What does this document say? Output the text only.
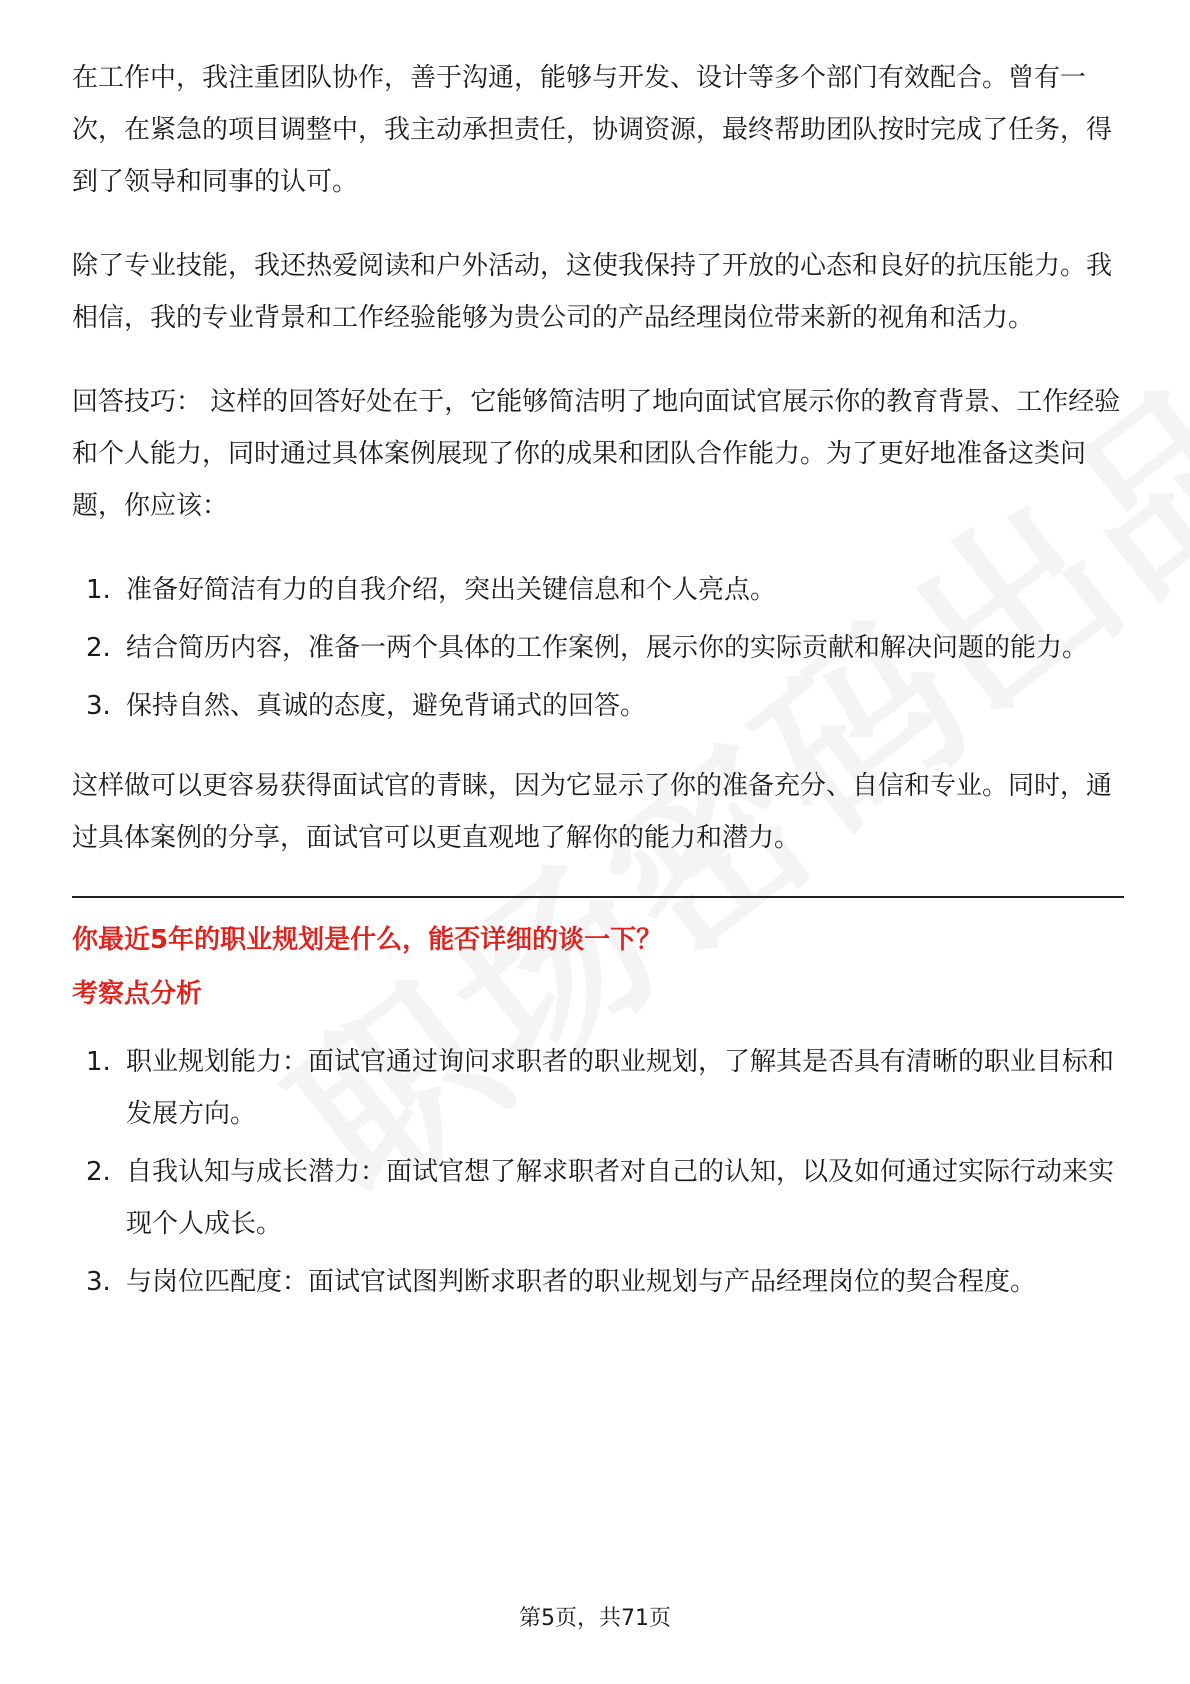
在工作中，我注重团队协作，善于沟通，能够与开发、设计等多个部门有效配合。曾有一次，在紧急的项目调整中，我主动承担责任，协调资源，最终帮助团队按时完成了任务，得到了领导和同事的认可。

除了专业技能，我还热爱阅读和户外活动，这使我保持了开放的心态和良好的抗压能力。我相信，我的专业背景和工作经验能够为贵公司的产品经理岗位带来新的视角和活力。

回答技巧： 这样的回答好处在于，它能够简洁明了地向面试官展示你的教育背景、工作经验和个人能力，同时通过具体案例展现了你的成果和团队合作能力。为了更好地准备这类问题，你应该：

1. 准备好简洁有力的自我介绍，突出关键信息和个人亮点。
2. 结合简历内容，准备一两个具体的工作案例，展示你的实际贡献和解决问题的能力。
3. 保持自然、真诚的态度，避免背诵式的回答。

这样做可以更容易获得面试官的青睐，因为它显示了你的准备充分、自信和专业。同时，通过具体案例的分享，面试官可以更直观地了解你的能力和潜力。

你最近5年的职业规划是什么，能否详细的谈一下？
考察点分析
1. 职业规划能力：面试官通过询问求职者的职业规划，了解其是否具有清晰的职业目标和发展方向。
2. 自我认知与成长潜力：面试官想了解求职者对自己的认知，以及如何通过实际行动来实现个人成长。
3. 与岗位匹配度：面试官试图判断求职者的职业规划与产品经理岗位的契合程度。
第5页，共71页
